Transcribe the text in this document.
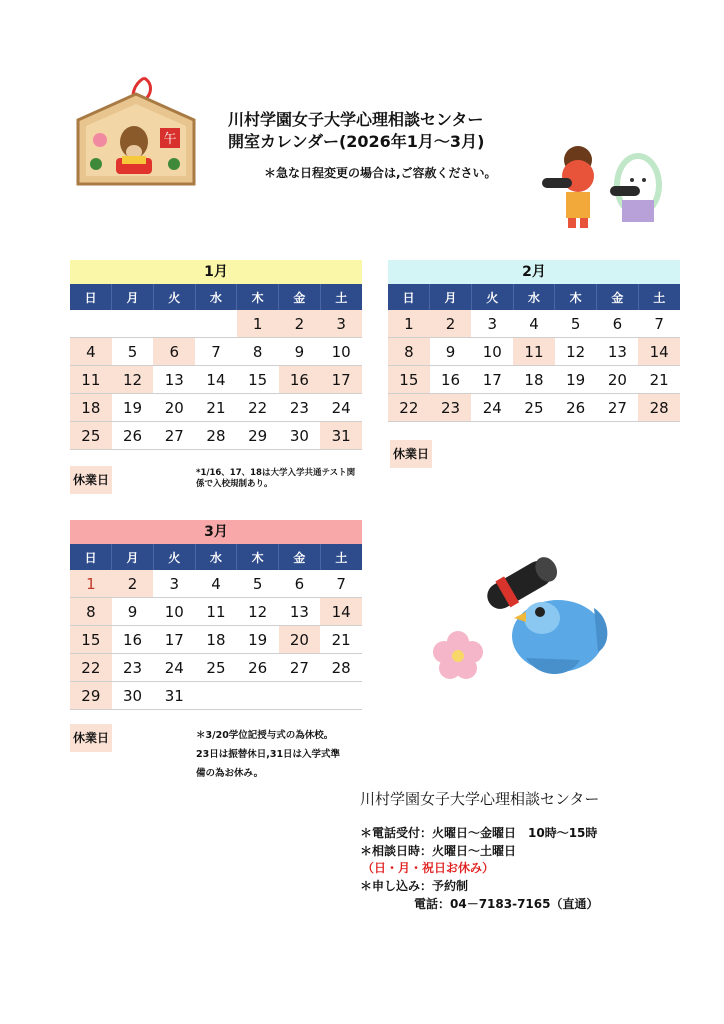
川村学園女子大学心理相談センター
開室カレンダー(2026年1月～3月)
＊急な日程変更の場合は,ご容赦ください。
午
1月
日	月	火	水	木	金	土
				1	2	3
4	5	6	7	8	9	10
11	12	13	14	15	16	17
18	19	20	21	22	23	24
25	26	27	28	29	30	31
休業日	*1/16、17、18は大学入学共通テスト関係で入校規制あり。
2月
日	月	火	水	木	金	土
1	2	3	4	5	6	7
8	9	10	11	12	13	14
15	16	17	18	19	20	21
22	23	24	25	26	27	28
休業日
3月
日	月	火	水	木	金	土
1	2	3	4	5	6	7
8	9	10	11	12	13	14
15	16	17	18	19	20	21
22	23	24	25	26	27	28
29	30	31				
休業日	＊3/20学位記授与式の為休校。
23日は振替休日,31日は入学式準
備の為お休み。
川村学園女子大学心理相談センター
＊電話受付：火曜日～金曜日　10時～15時
＊相談日時：火曜日～土曜日
（日・月・祝日お休み）
＊申し込み：予約制
電話：04－7183-7165（直通）
